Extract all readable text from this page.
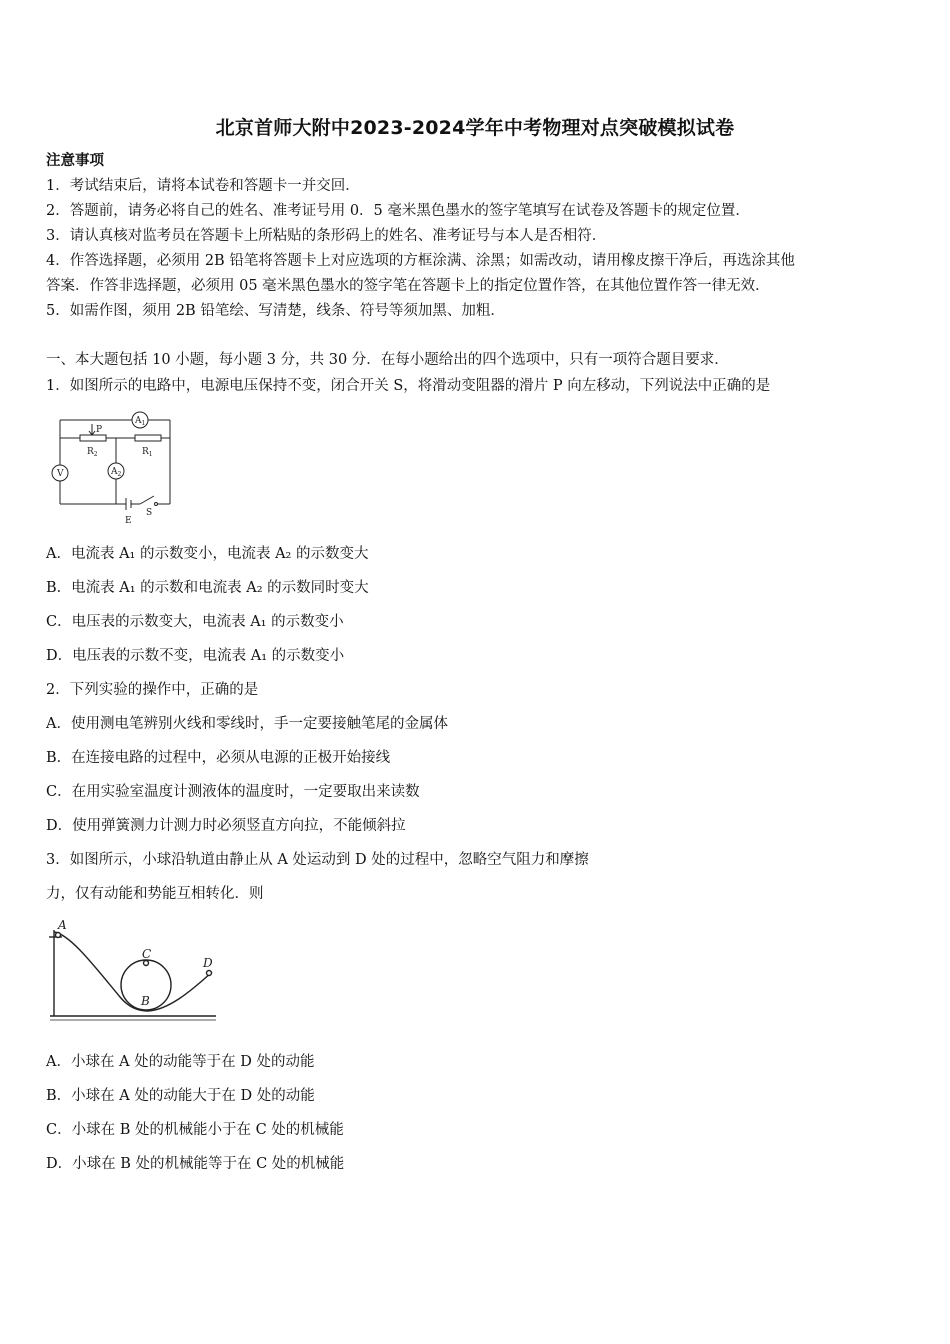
北京首师大附中2023-2024学年中考物理对点突破模拟试卷
注意事项
1．考试结束后，请将本试卷和答题卡一并交回．
2．答题前，请务必将自己的姓名、准考证号用 0．5 毫米黑色墨水的签字笔填写在试卷及答题卡的规定位置．
3．请认真核对监考员在答题卡上所粘贴的条形码上的姓名、准考证号与本人是否相符．
4．作答选择题，必须用 2B 铅笔将答题卡上对应选项的方框涂满、涂黑；如需改动，请用橡皮擦干净后，再选涂其他
答案．作答非选择题，必须用 05 毫米黑色墨水的签字笔在答题卡上的指定位置作答，在其他位置作答一律无效．
5．如需作图，须用 2B 铅笔绘、写清楚，线条、符号等须加黑、加粗．
一、本大题包括 10 小题，每小题 3 分，共 30 分．在每小题给出的四个选项中，只有一项符合题目要求．
1．如图所示的电路中，电源电压保持不变，闭合开关 S，将滑动变阻器的滑片 P 向左移动，下列说法中正确的是
$A_1$
V	$A_2$
P
$R_2$	$R_1$
E
S
A．电流表 A₁ 的示数变小，电流表 A₂ 的示数变大
B．电流表 A₁ 的示数和电流表 A₂ 的示数同时变大
C．电压表的示数变大，电流表 A₁ 的示数变小
D．电压表的示数不变，电流表 A₁ 的示数变小
2．下列实验的操作中，正确的是
A．使用测电笔辨别火线和零线时，手一定要接触笔尾的金属体
B．在连接电路的过程中，必须从电源的正极开始接线
C．在用实验室温度计测液体的温度时，一定要取出来读数
D．使用弹簧测力计测力时必须竖直方向拉，不能倾斜拉
3．如图所示，小球沿轨道由静止从 A 处运动到 D 处的过程中，忽略空气阻力和摩擦
力，仅有动能和势能互相转化．则
A
C
D
B
A．小球在 A 处的动能等于在 D 处的动能
B．小球在 A 处的动能大于在 D 处的动能
C．小球在 B 处的机械能小于在 C 处的机械能
D．小球在 B 处的机械能等于在 C 处的机械能
